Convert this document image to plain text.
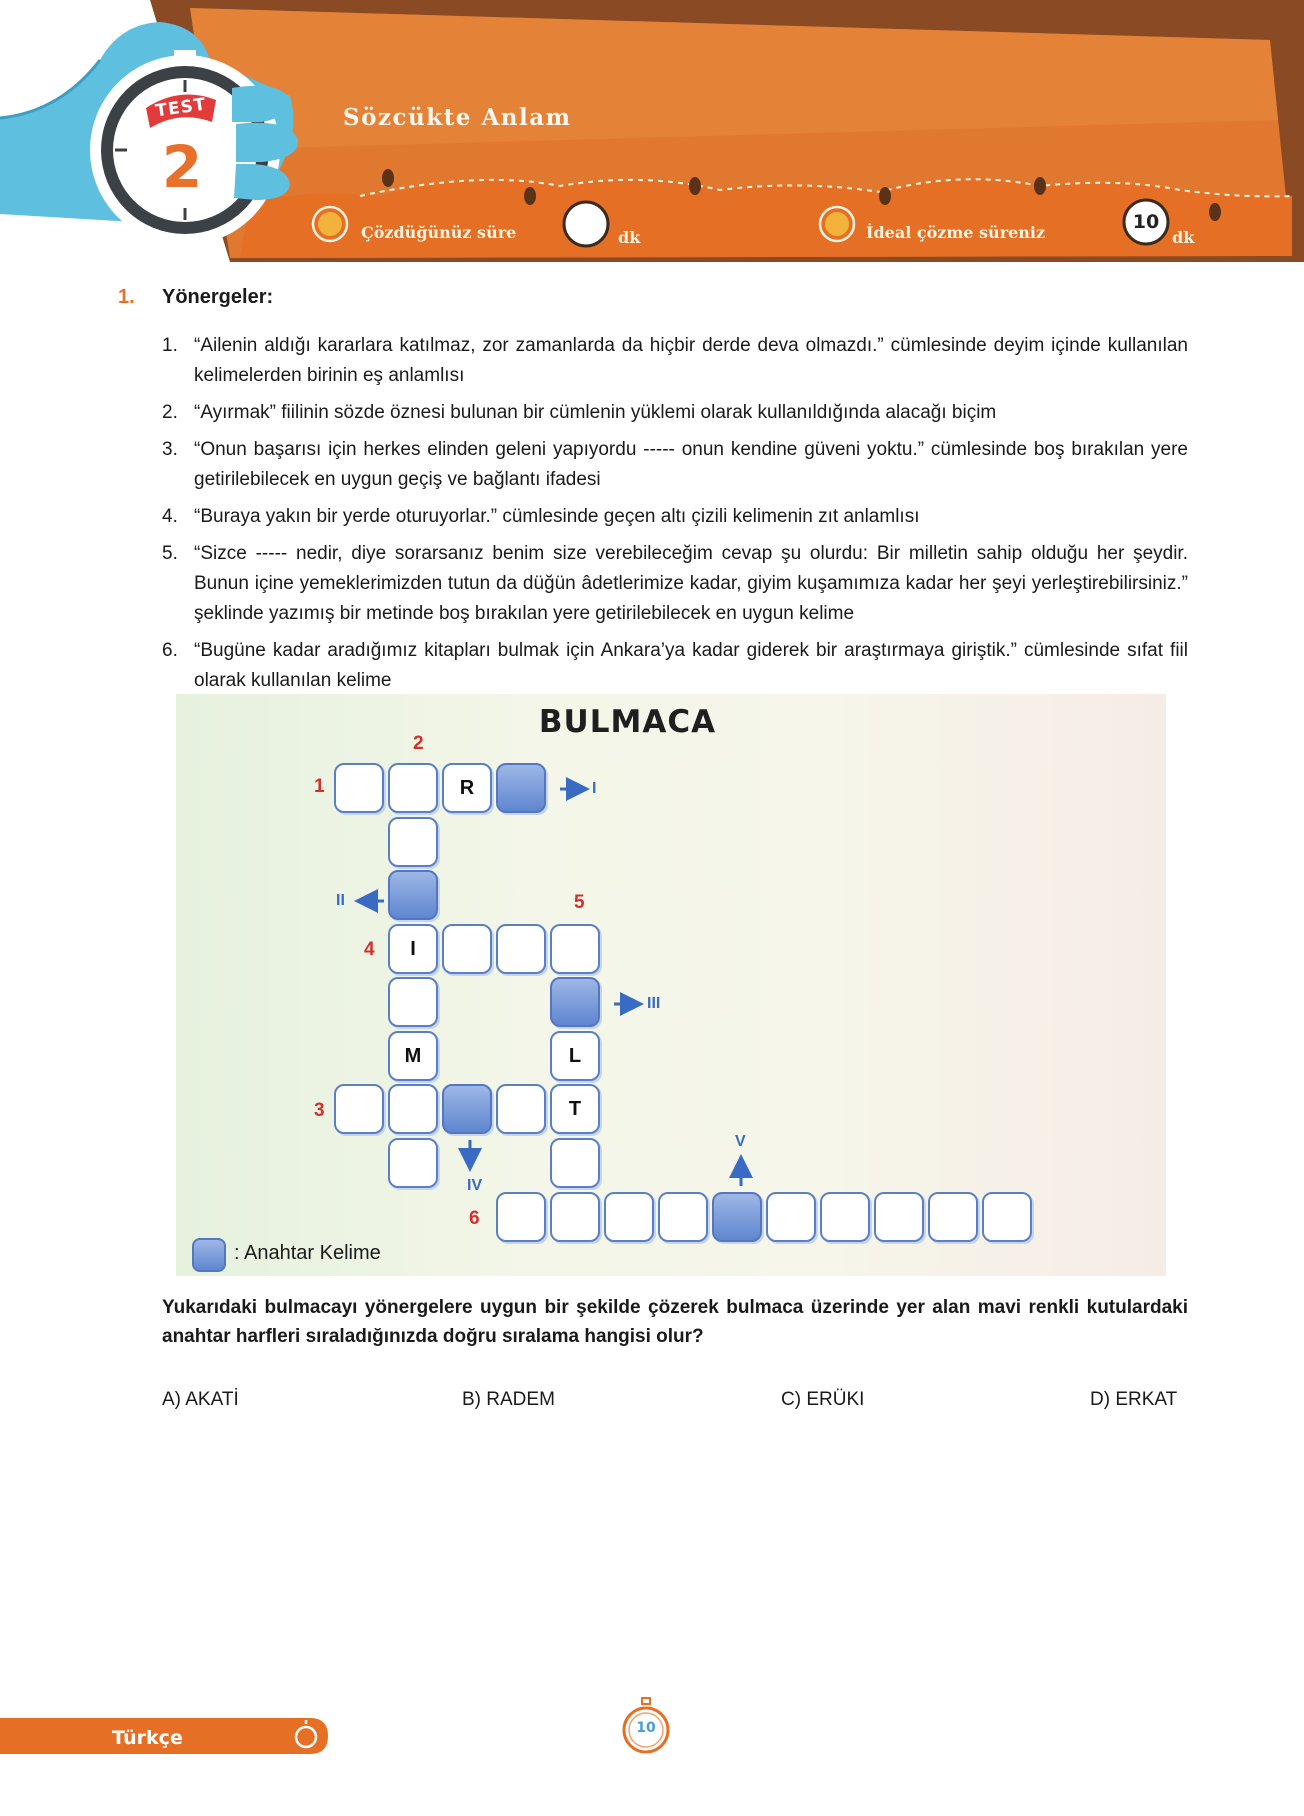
TEST
2
Sözcükte Anlam
Çözdüğünüz süre	dk	İdeal çözme süreniz	10
dk
1. Yönergeler:
1. “Ailenin aldığı kararlara katılmaz, zor zamanlarda da hiçbir derde deva olmazdı.” cümlesinde deyim içinde kullanılan kelimelerden birinin eş anlamlısı
2. “Ayırmak” fiilinin sözde öznesi bulunan bir cümlenin yüklemi olarak kullanıldığında alacağı biçim
3. “Onun başarısı için herkes elinden geleni yapıyordu ----- onun kendine güveni yoktu.” cümlesinde boş bırakılan yere getirilebilecek en uygun geçiş ve bağlantı ifadesi
4. “Buraya yakın bir yerde oturuyorlar.” cümlesinde geçen altı çizili kelimenin zıt anlamlısı
5. “Sizce ----- nedir, diye sorarsanız benim size verebileceğim cevap şu olurdu: Bir milletin sahip olduğu her şeydir. Bunun içine yemeklerimizden tutun da düğün âdetlerimize kadar, giyim kuşamımıza kadar her şeyi yerleştirebilirsiniz.” şeklinde yazımış bir metinde boş bırakılan yere getirilebilecek en uygun kelime
6. “Bugüne kadar aradığımız kitapları bulmak için Ankara’ya kadar giderek bir araştırmaya giriştik.” cümlesinde sıfat fiil olarak kullanılan kelime
BULMACA
1
2
3
4
5
6
R
I
M	L
T
I
II
III
IV
V
: Anahtar Kelime
Yukarıdaki bulmacayı yönergelere uygun bir şekilde çözerek bulmaca üzerinde yer alan mavi renkli kutulardaki anahtar harfleri sıraladığınızda doğru sıralama hangisi olur?
A) AKATİ	B) RADEM	C) ERÜKI	D) ERKAT
Türkçe	10
